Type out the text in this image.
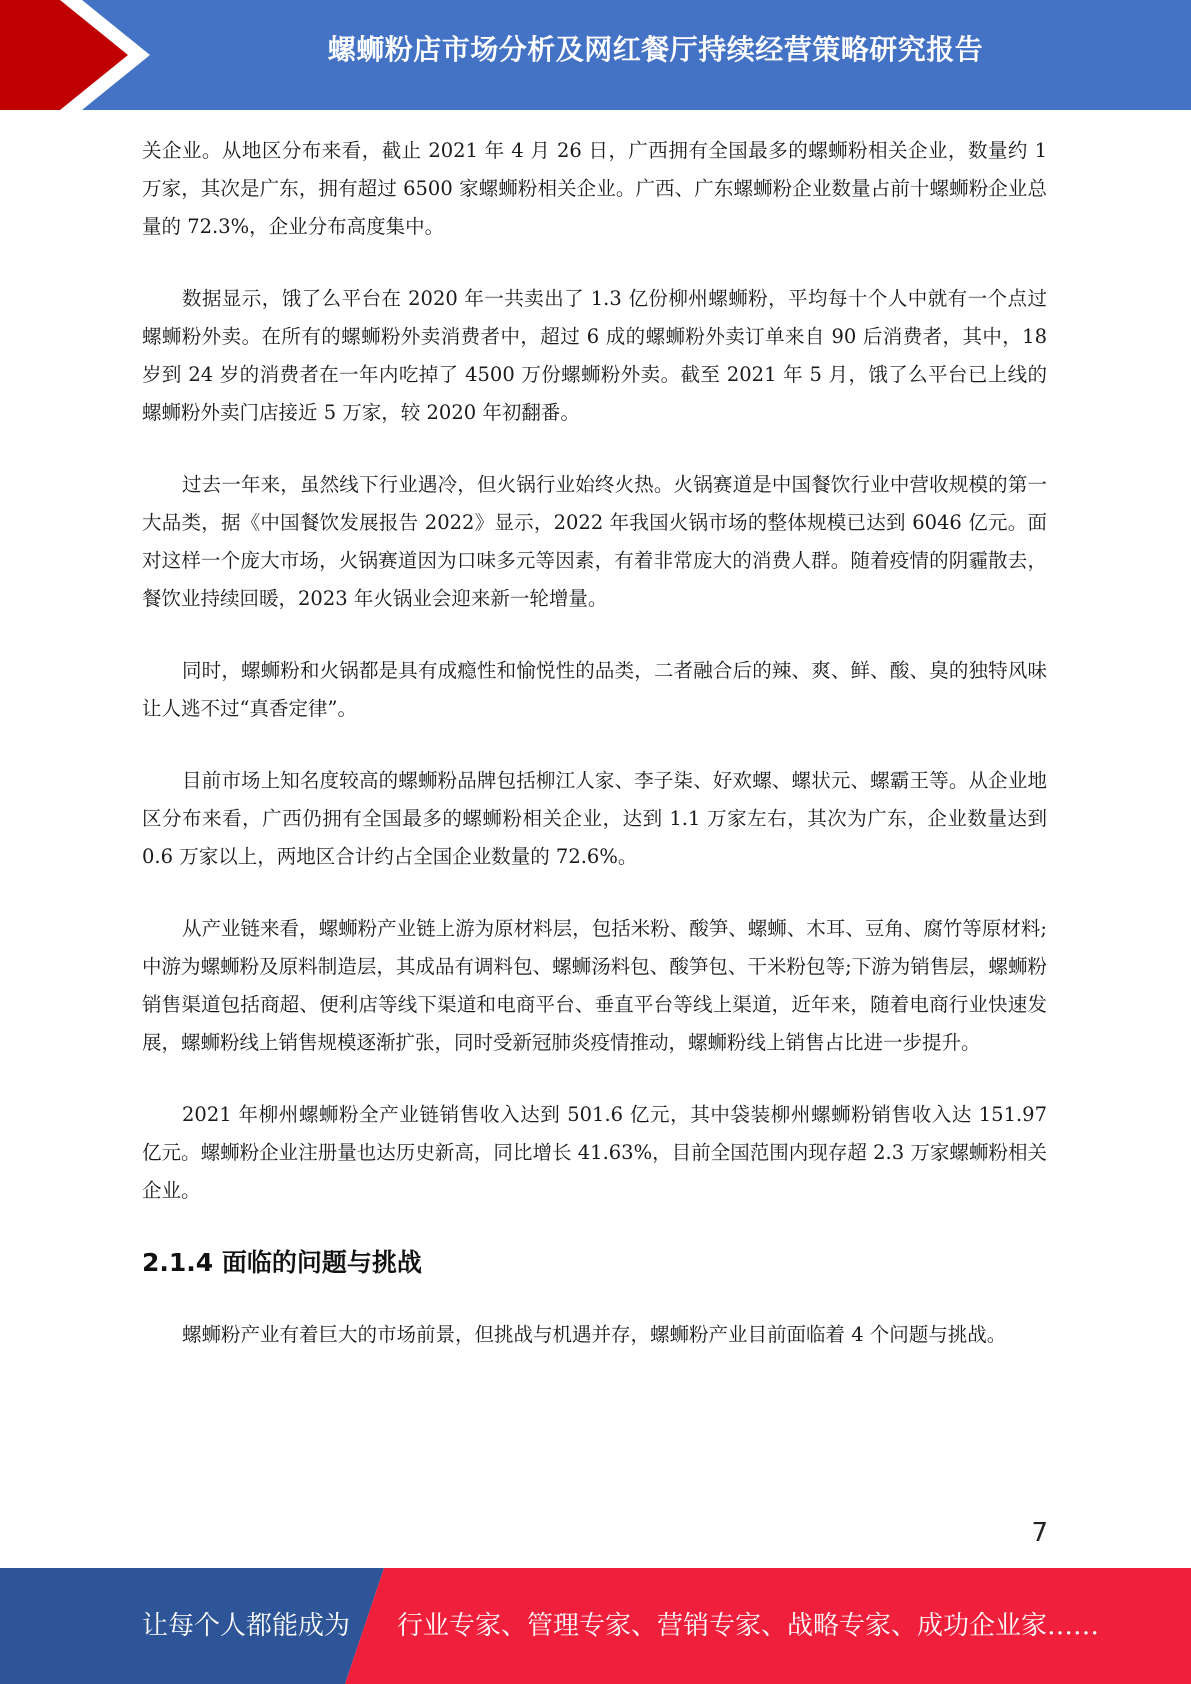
螺蛳粉店市场分析及网红餐厅持续经营策略研究报告

关企业。从地区分布来看，截止 2021 年 4 月 26 日，广西拥有全国最多的螺蛳粉相关企业，数量约 1 万家，其次是广东，拥有超过 6500 家螺蛳粉相关企业。广西、广东螺蛳粉企业数量占前十螺蛳粉企业总量的 72.3%，企业分布高度集中。

数据显示，饿了么平台在 2020 年一共卖出了 1.3 亿份柳州螺蛳粉，平均每十个人中就有一个点过螺蛳粉外卖。在所有的螺蛳粉外卖消费者中，超过 6 成的螺蛳粉外卖订单来自 90 后消费者，其中，18 岁到 24 岁的消费者在一年内吃掉了 4500 万份螺蛳粉外卖。截至 2021 年 5 月，饿了么平台已上线的螺蛳粉外卖门店接近 5 万家，较 2020 年初翻番。

过去一年来，虽然线下行业遇冷，但火锅行业始终火热。火锅赛道是中国餐饮行业中营收规模的第一大品类，据《中国餐饮发展报告 2022》显示，2022 年我国火锅市场的整体规模已达到 6046 亿元。面对这样一个庞大市场，火锅赛道因为口味多元等因素，有着非常庞大的消费人群。随着疫情的阴霾散去，餐饮业持续回暖，2023 年火锅业会迎来新一轮增量。

同时，螺蛳粉和火锅都是具有成瘾性和愉悦性的品类，二者融合后的辣、爽、鲜、酸、臭的独特风味让人逃不过“真香定律”。

目前市场上知名度较高的螺蛳粉品牌包括柳江人家、李子柒、好欢螺、螺状元、螺霸王等。从企业地区分布来看，广西仍拥有全国最多的螺蛳粉相关企业，达到 1.1 万家左右，其次为广东，企业数量达到 0.6 万家以上，两地区合计约占全国企业数量的 72.6%。

从产业链来看，螺蛳粉产业链上游为原材料层，包括米粉、酸笋、螺蛳、木耳、豆角、腐竹等原材料;中游为螺蛳粉及原料制造层，其成品有调料包、螺蛳汤料包、酸笋包、干米粉包等;下游为销售层，螺蛳粉销售渠道包括商超、便利店等线下渠道和电商平台、垂直平台等线上渠道，近年来，随着电商行业快速发展，螺蛳粉线上销售规模逐渐扩张，同时受新冠肺炎疫情推动，螺蛳粉线上销售占比进一步提升。

2021 年柳州螺蛳粉全产业链销售收入达到 501.6 亿元，其中袋装柳州螺蛳粉销售收入达 151.97 亿元。螺蛳粉企业注册量也达历史新高，同比增长 41.63%，目前全国范围内现存超 2.3 万家螺蛳粉相关企业。

2.1.4 面临的问题与挑战

螺蛳粉产业有着巨大的市场前景，但挑战与机遇并存，螺蛳粉产业目前面临着 4 个问题与挑战。

7
让每个人都能成为 行业专家、管理专家、营销专家、战略专家、成功企业家……
